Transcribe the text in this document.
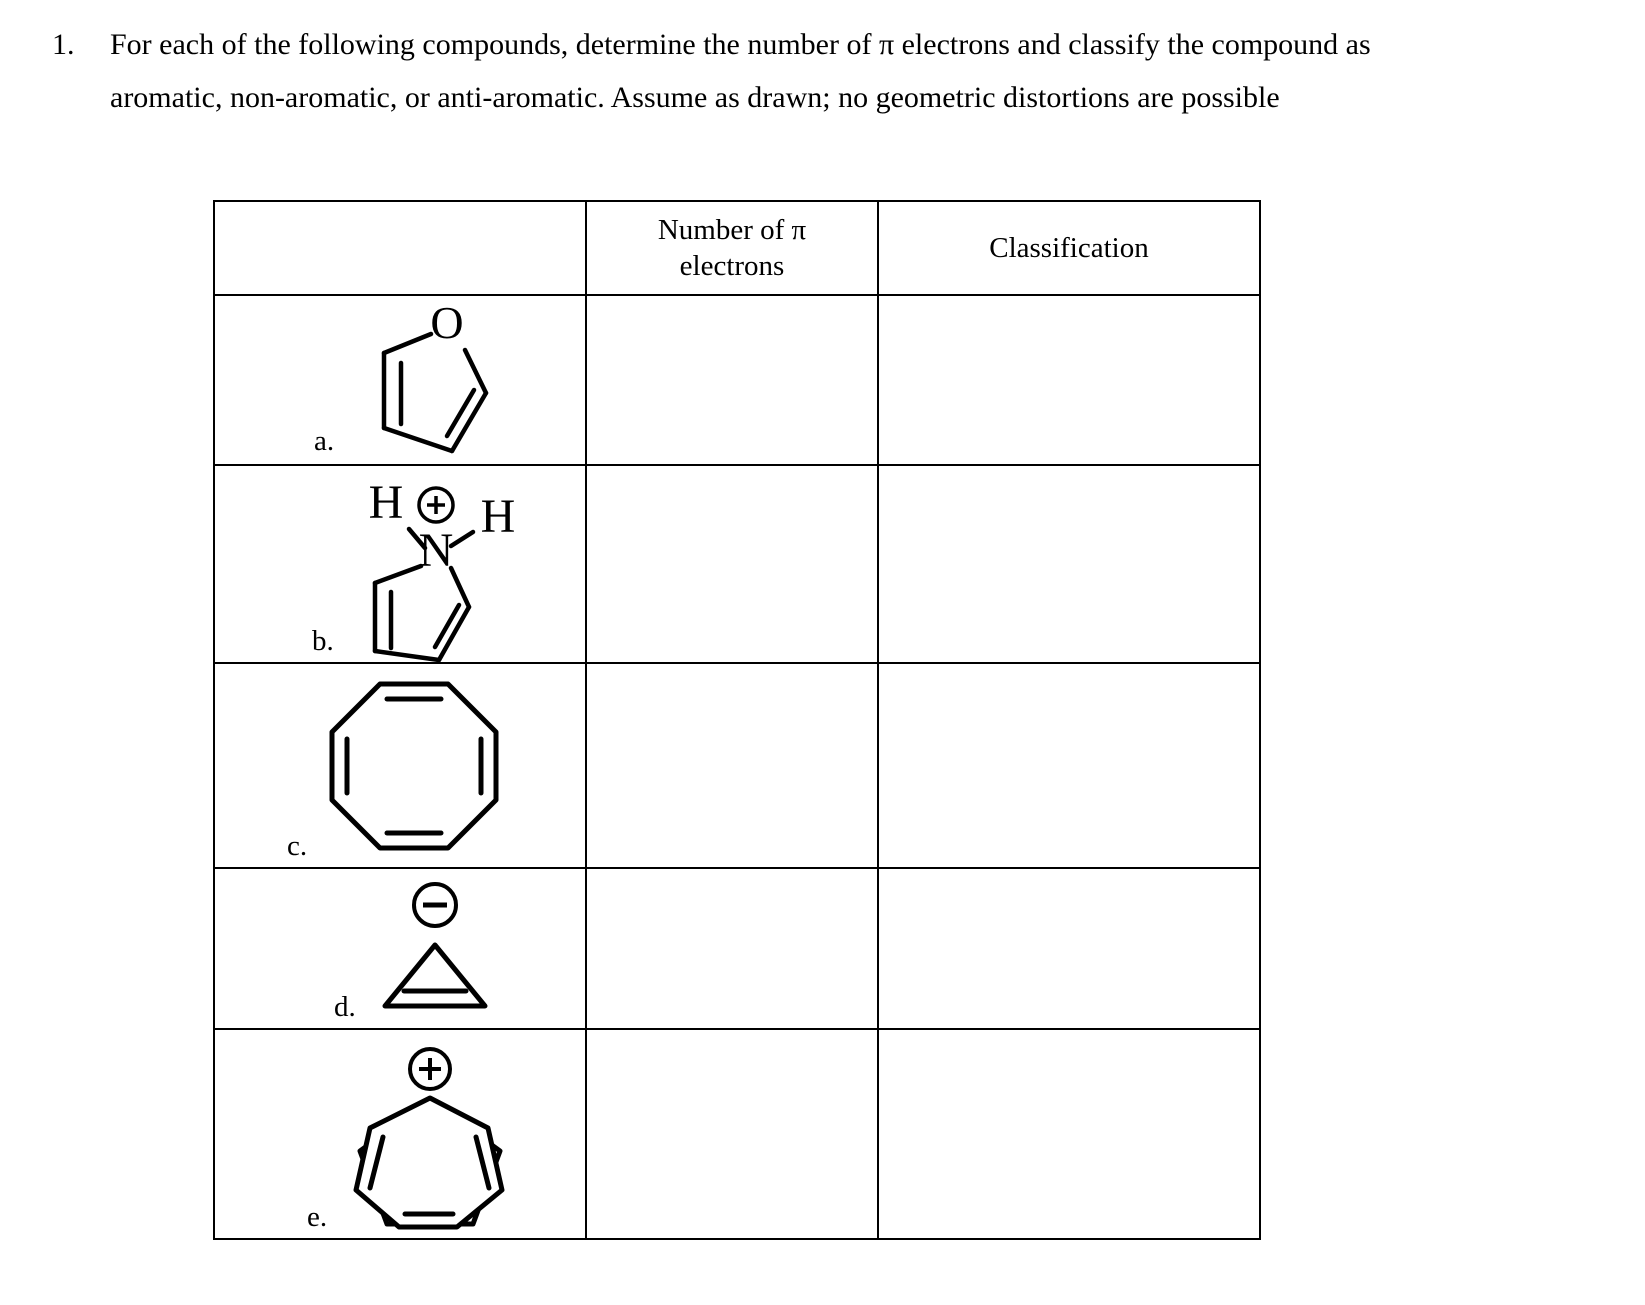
1.	For each of the following compounds, determine the number of π electrons and classify the compound as aromatic, non-aromatic, or anti-aromatic. Assume as drawn; no geometric distortions are possible

	Number of π
electrons	Classification

a.
O		

b.
N
H H		

c.		

d.		

e.		
